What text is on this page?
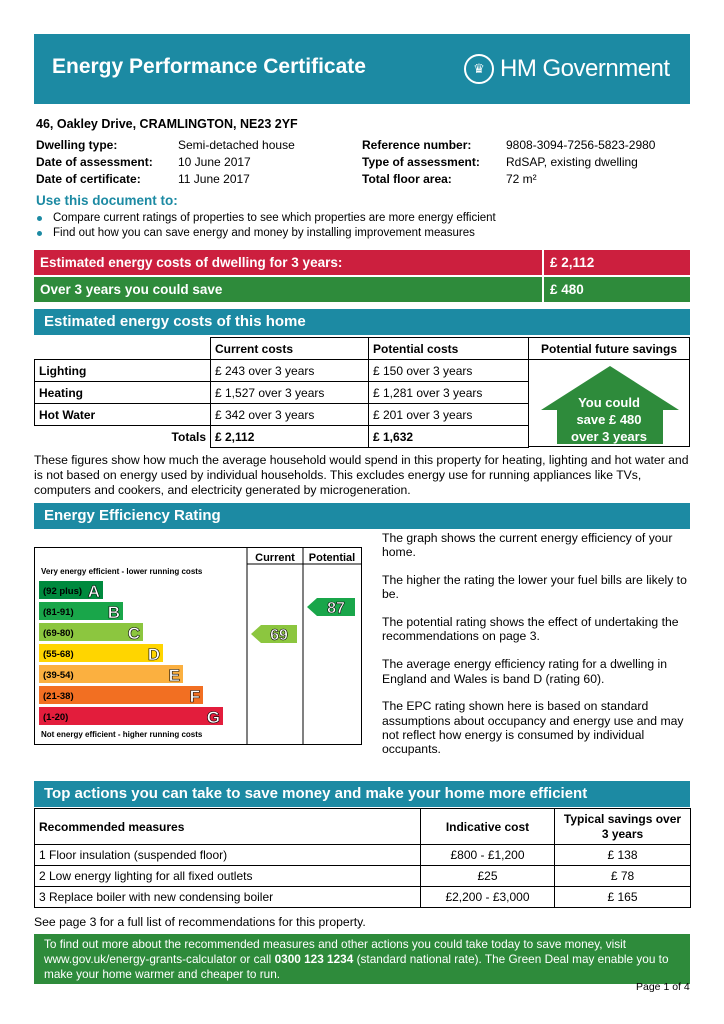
Energy Performance Certificate	♛ HM Government
46, Oakley Drive, CRAMLINGTON, NE23 2YF
Dwelling type:	Semi-detached house
Date of assessment: 10 June 2017
Date of certificate:	11 June 2017
Reference number:	9808-3094-7256-5823-2980
Type of assessment: RdSAP, existing dwelling
Total floor area:	72 m²
Use this document to:
Compare current ratings of properties to see which properties are more energy efficient
Find out how you can save energy and money by installing improvement measures
Estimated energy costs of dwelling for 3 years:	£ 2,112
Over 3 years you could save	£ 480
Estimated energy costs of this home
	Current costs	Potential costs
Lighting	£ 243 over 3 years	£ 150 over 3 years
Heating	£ 1,527 over 3 years	£ 1,281 over 3 years
Hot Water	£ 342 over 3 years	£ 201 over 3 years
Totals	£ 2,112	£ 1,632
Potential future savings
You could
save £ 480
over 3 years
These figures show how much the average household would spend in this property for heating, lighting and hot water and is not based on energy used by individual households. This excludes energy use for running appliances like TVs, computers and cookers, and electricity generated by microgeneration.
Energy Efficiency Rating
Current Potential
Very energy efficient - lower running costs
Not energy efficient - higher running costs
(92 plus) A
(81-91) B
(69-80)	C
(55-68)	D
(39-54)	E
(21-38)	F
(1-20)	G
69
87

The graph shows the current energy efficiency of your home.

The higher the rating the lower your fuel bills are likely to be.

The potential rating shows the effect of undertaking the recommendations on page 3.

The average energy efficiency rating for a dwelling in England and Wales is band D (rating 60).

The EPC rating shown here is based on standard assumptions about occupancy and energy use and may not reflect how energy is consumed by individual occupants.

Top actions you can take to save money and make your home more efficient
Recommended measures	Indicative cost	Typical savings over 3 years
1 Floor insulation (suspended floor)	£800 - £1,200	£ 138
2 Low energy lighting for all fixed outlets	£25	£ 78
3 Replace boiler with new condensing boiler	£2,200 - £3,000	£ 165
See page 3 for a full list of recommendations for this property.
To find out more about the recommended measures and other actions you could take today to save money, visit www.gov.uk/energy-grants-calculator or call 0300 123 1234 (standard national rate). The Green Deal may enable you to make your home warmer and cheaper to run.
Page 1 of 4
